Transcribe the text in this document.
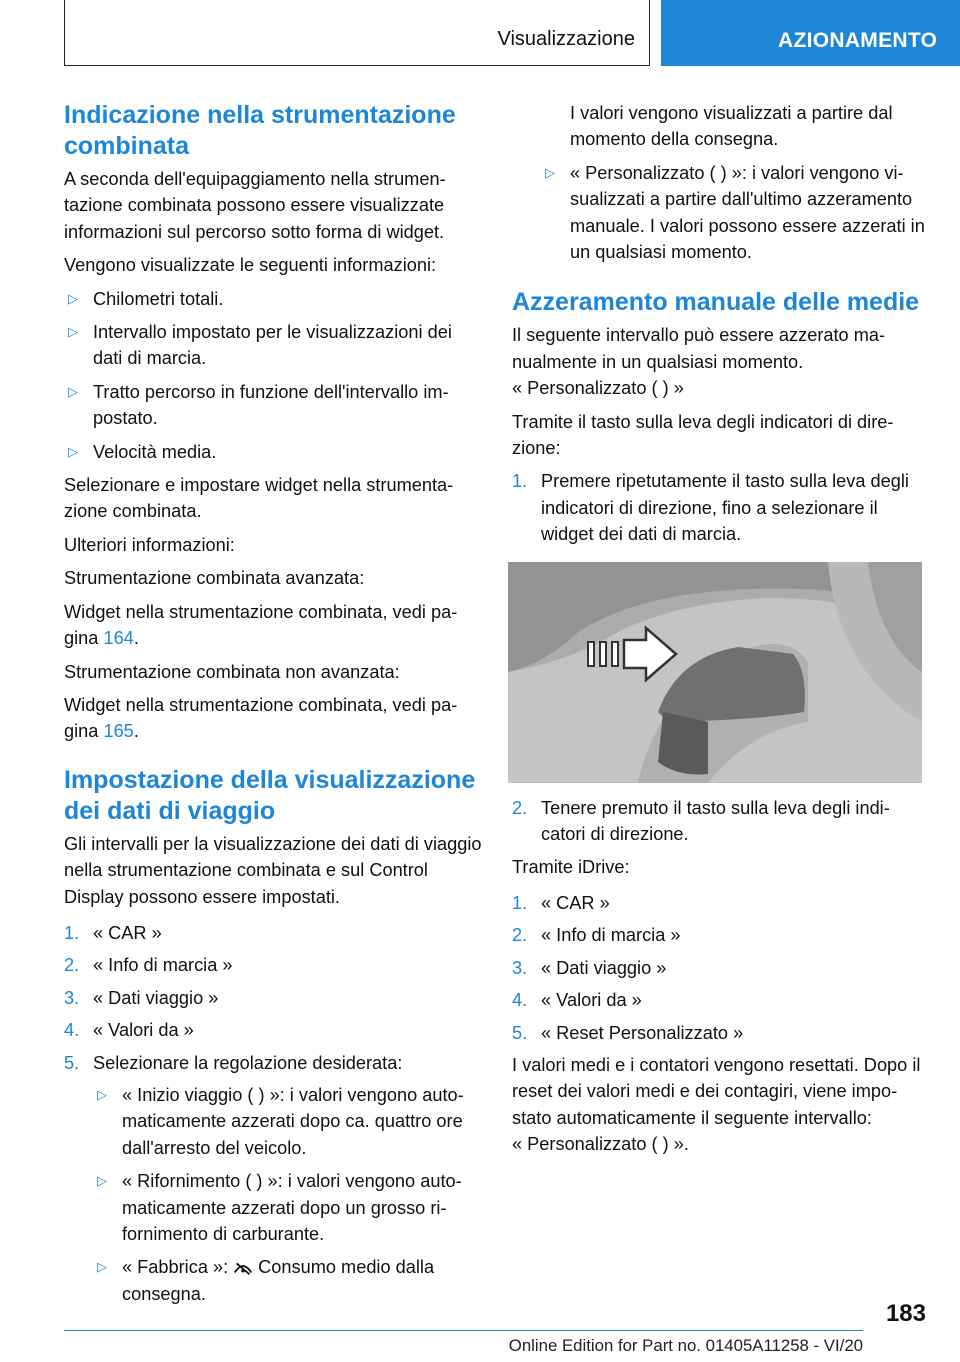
Visualizzazione	AZIONAMENTO
Indicazione nella strumentazione combinata

A seconda dell'equipaggiamento nella strumentazione combinata possono essere visualizzate informazioni sul percorso sotto forma di widget.

Vengono visualizzate le seguenti informazioni:

▷ Chilometri totali.
▷ Intervallo impostato per le visualizzazioni dei dati di marcia.
▷ Tratto percorso in funzione dell'intervallo impostato.
▷ Velocità media.

Selezionare e impostare widget nella strumentazione combinata.

Ulteriori informazioni:

Strumentazione combinata avanzata:

Widget nella strumentazione combinata, vedi pagina 164.

Strumentazione combinata non avanzata:

Widget nella strumentazione combinata, vedi pagina 165.

Impostazione della visualizzazione dei dati di viaggio

Gli intervalli per la visualizzazione dei dati di viaggio nella strumentazione combinata e sul Control Display possono essere impostati.

1. « CAR »
2. « Info di marcia »
3. « Dati viaggio »
4. « Valori da »
5. Selezionare la regolazione desiderata:
▷ « Inizio viaggio ( ) »: i valori vengono automaticamente azzerati dopo ca. quattro ore dall'arresto del veicolo.
▷ « Rifornimento ( ) »: i valori vengono automaticamente azzerati dopo un grosso rifornimento di carburante.
▷ « Fabbrica »: Consumo medio dalla consegna.

I valori vengono visualizzati a partire dal momento della consegna.

▷ « Personalizzato ( ) »: i valori vengono visualizzati a partire dall'ultimo azzeramento manuale. I valori possono essere azzerati in un qualsiasi momento.
Azzeramento manuale delle medie

Il seguente intervallo può essere azzerato manualmente in un qualsiasi momento.

« Personalizzato ( ) »

Tramite il tasto sulla leva degli indicatori di direzione:

1. Premere ripetutamente il tasto sulla leva degli indicatori di direzione, fino a selezionare il widget dei dati di marcia.
2. Tenere premuto il tasto sulla leva degli indicatori di direzione.

Tramite iDrive:

1. « CAR »
2. « Info di marcia »
3. « Dati viaggio »
4. « Valori da »
5. « Reset Personalizzato »

I valori medi e i contatori vengono resettati. Dopo il reset dei valori medi e dei contagiri, viene impostato automaticamente il seguente intervallo:

« Personalizzato ( ) ».

183
Online Edition for Part no. 01405A11258 - VI/20
